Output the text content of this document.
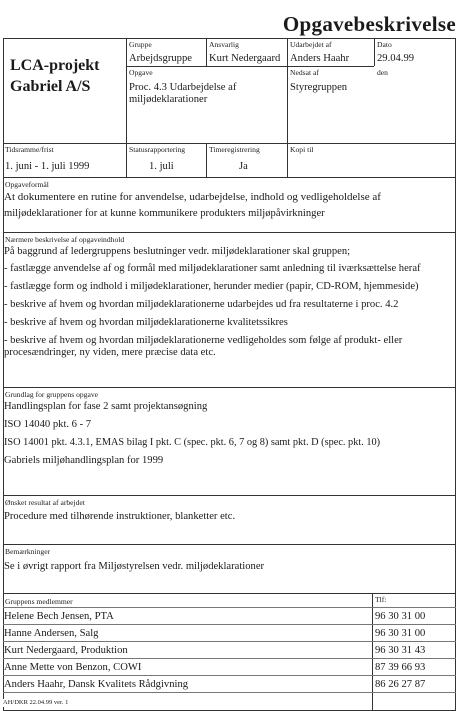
Opgavebeskrivelse
LCA-projekt
Gabriel A/S
Gruppe
Arbejdsgruppe
Ansvarlig
Kurt Nedergaard
Udarbejdet af
Anders Haahr
Dato
29.04.99
Opgave
Proc. 4.3 Udarbejdelse af
miljødeklarationer
Nedsat af
Styregruppen
den
Tidsramme/frist
1. juni - 1. juli 1999
Statusrapportering
1. juli
Timeregistrering
Ja
Kopi til
Opgaveformål
At dokumentere en rutine for anvendelse, udarbejdelse, indhold og vedligeholdelse af
miljødeklarationer for at kunne kommunikere produkters miljøpåvirkninger
Nærmere beskrivelse af opgaveindhold
På baggrund af ledergruppens beslutninger vedr. miljødeklarationer skal gruppen;
- fastlægge anvendelse af og formål med miljødeklarationer samt anledning til iværksættelse heraf
- fastlægge form og indhold i miljødeklarationer, herunder medier (papir, CD-ROM, hjemmeside)
- beskrive af hvem og hvordan miljødeklarationerne udarbejdes ud fra resultaterne i proc. 4.2
- beskrive af hvem og hvordan miljødeklarationerne kvalitetssikres
- beskrive af hvem og hvordan miljødeklarationerne vedligeholdes som følge af produkt- eller
procesændringer, ny viden, mere præcise data etc.
Grundlag for gruppens opgave
Handlingsplan for fase 2 samt projektansøgning
ISO 14040 pkt. 6 - 7
ISO 14001 pkt. 4.3.1, EMAS bilag I pkt. C (spec. pkt. 6, 7 og 8) samt pkt. D (spec. pkt. 10)
Gabriels miljøhandlingsplan for 1999
Ønsket resultat af arbejdet
Procedure med tilhørende instruktioner, blanketter etc.
Bemærkninger
Se i øvrigt rapport fra Miljøstyrelsen vedr. miljødeklarationer
Gruppens medlemmer	Tlf:
Helene Bech Jensen, PTA	96 30 31 00
Hanne Andersen, Salg	96 30 31 00
Kurt Nedergaard, Produktion	96 30 31 43
Anne Mette von Benzon, COWI	87 39 66 93
Anders Haahr, Dansk Kvalitets Rådgivning	86 26 27 87
AH/DKR 22.04.99 ver. 1
